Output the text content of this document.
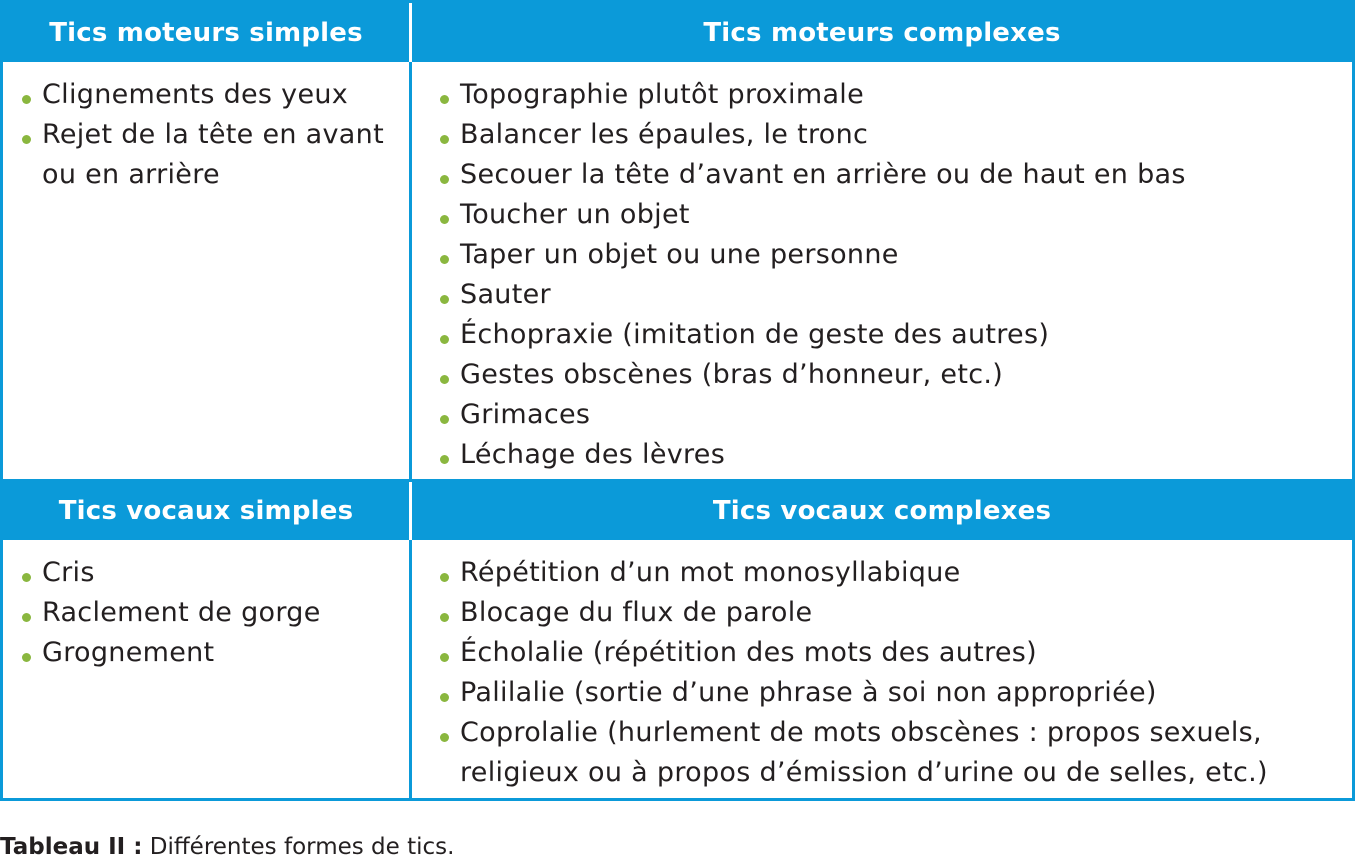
Tics moteurs simples	Tics moteurs complexes
Clignements des yeux
Rejet de la tête en avant ou en arrière
Topographie plutôt proximale
Balancer les épaules, le tronc
Secouer la tête d’avant en arrière ou de haut en bas
Toucher un objet
Taper un objet ou une personne
Sauter
Échopraxie (imitation de geste des autres)
Gestes obscènes (bras d’honneur, etc.)
Grimaces
Léchage des lèvres
Tics vocaux simples	Tics vocaux complexes
Cris
Raclement de gorge
Grognement
Répétition d’un mot monosyllabique
Blocage du flux de parole
Écholalie (répétition des mots des autres)
Palilalie (sortie d’une phrase à soi non appropriée)
Coprolalie (hurlement de mots obscènes : propos sexuels, religieux ou à propos d’émission d’urine ou de selles, etc.)
Tableau II : Différentes formes de tics.
